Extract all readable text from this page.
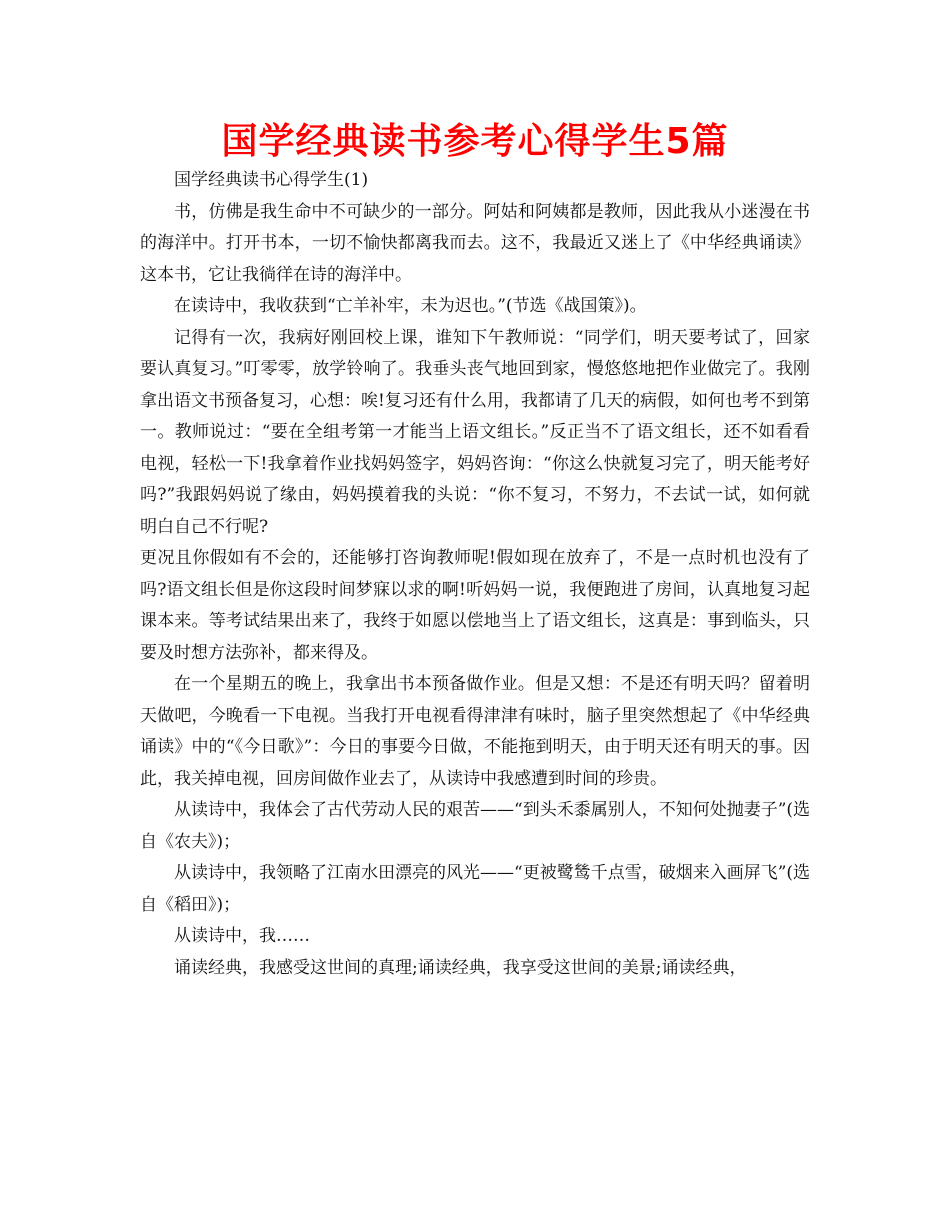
国学经典读书参考心得学生5篇

国学经典读书心得学生(1)

书，仿佛是我生命中不可缺少的一部分。阿姑和阿姨都是教师，因此我从小迷漫在书的海洋中。打开书本，一切不愉快都离我而去。这不，我最近又迷上了《中华经典诵读》这本书，它让我徜徉在诗的海洋中。

在读诗中，我收获到“亡羊补牢，未为迟也。”(节选《战国策》)。

记得有一次，我病好刚回校上课，谁知下午教师说：“同学们，明天要考试了，回家要认真复习。”叮零零，放学铃响了。我垂头丧气地回到家，慢悠悠地把作业做完了。我刚拿出语文书预备复习，心想：唉!复习还有什么用，我都请了几天的病假，如何也考不到第一。教师说过：“要在全组考第一才能当上语文组长。”反正当不了语文组长，还不如看看电视，轻松一下!我拿着作业找妈妈签字，妈妈咨询：“你这么快就复习完了，明天能考好吗?”我跟妈妈说了缘由，妈妈摸着我的头说：“你不复习，不努力，不去试一试，如何就明白自己不行呢?

更况且你假如有不会的，还能够打咨询教师呢!假如现在放弃了，不是一点时机也没有了吗?语文组长但是你这段时间梦寐以求的啊!听妈妈一说，我便跑进了房间，认真地复习起课本来。等考试结果出来了，我终于如愿以偿地当上了语文组长，这真是：事到临头，只要及时想方法弥补，都来得及。

在一个星期五的晚上，我拿出书本预备做作业。但是又想：不是还有明天吗？留着明天做吧，今晚看一下电视。当我打开电视看得津津有味时，脑子里突然想起了《中华经典诵读》中的“《今日歌》”：今日的事要今日做，不能拖到明天，由于明天还有明天的事。因此，我关掉电视，回房间做作业去了，从读诗中我感遭到时间的珍贵。

从读诗中，我体会了古代劳动人民的艰苦——“到头禾黍属别人，不知何处抛妻子”(选自《农夫》)；

从读诗中，我领略了江南水田漂亮的风光——“更被鹭鸶千点雪，破烟来入画屏飞”(选自《稻田》)；

从读诗中，我……

诵读经典，我感受这世间的真理;诵读经典，我享受这世间的美景;诵读经典，
